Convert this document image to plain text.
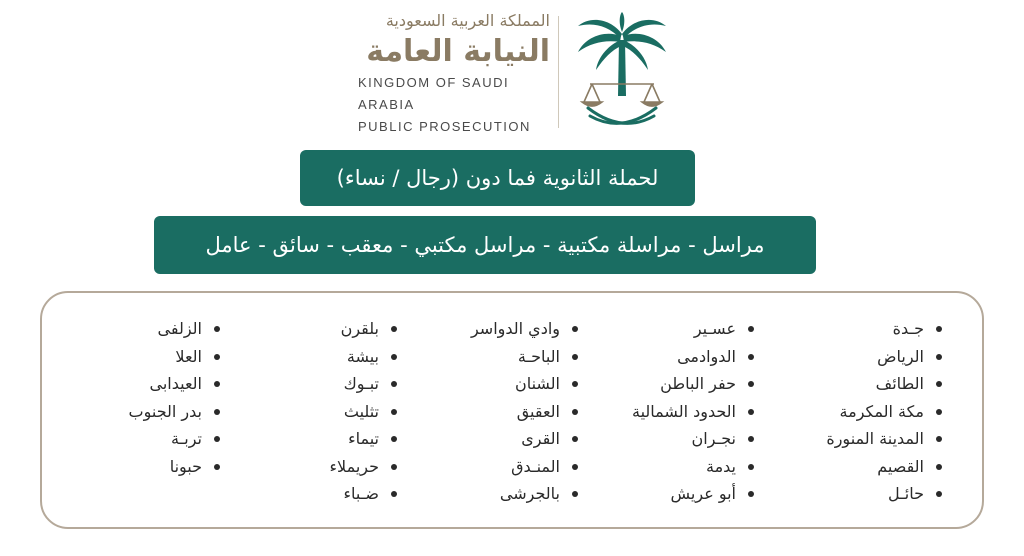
المملكة العربية السعودية
النيابة العامة
KINGDOM OF SAUDI ARABIA
PUBLIC PROSECUTION
لحملة الثانوية فما دون (رجال / نساء)
مراسل - مراسلة مكتبية - مراسل مكتبي - معقب - سائق - عامل
جـدة
الرياض
الطائف
مكة المكرمة
المدينة المنورة
القصيم
حائـل
عسـير
الدوادمى
حفر الباطن
الحدود الشمالية
نجـران
يدمة
أبو عريش
وادي الدواسر
الباحـة
الشنان
العقيق
القرى
المنـدق
بالجرشى
بلقرن
بيشة
تبـوك
تثليث
تيماء
حريملاء
ضـباء
الزلفى
العلا
العيدابى
بدر الجنوب
تربـة
حبونا
